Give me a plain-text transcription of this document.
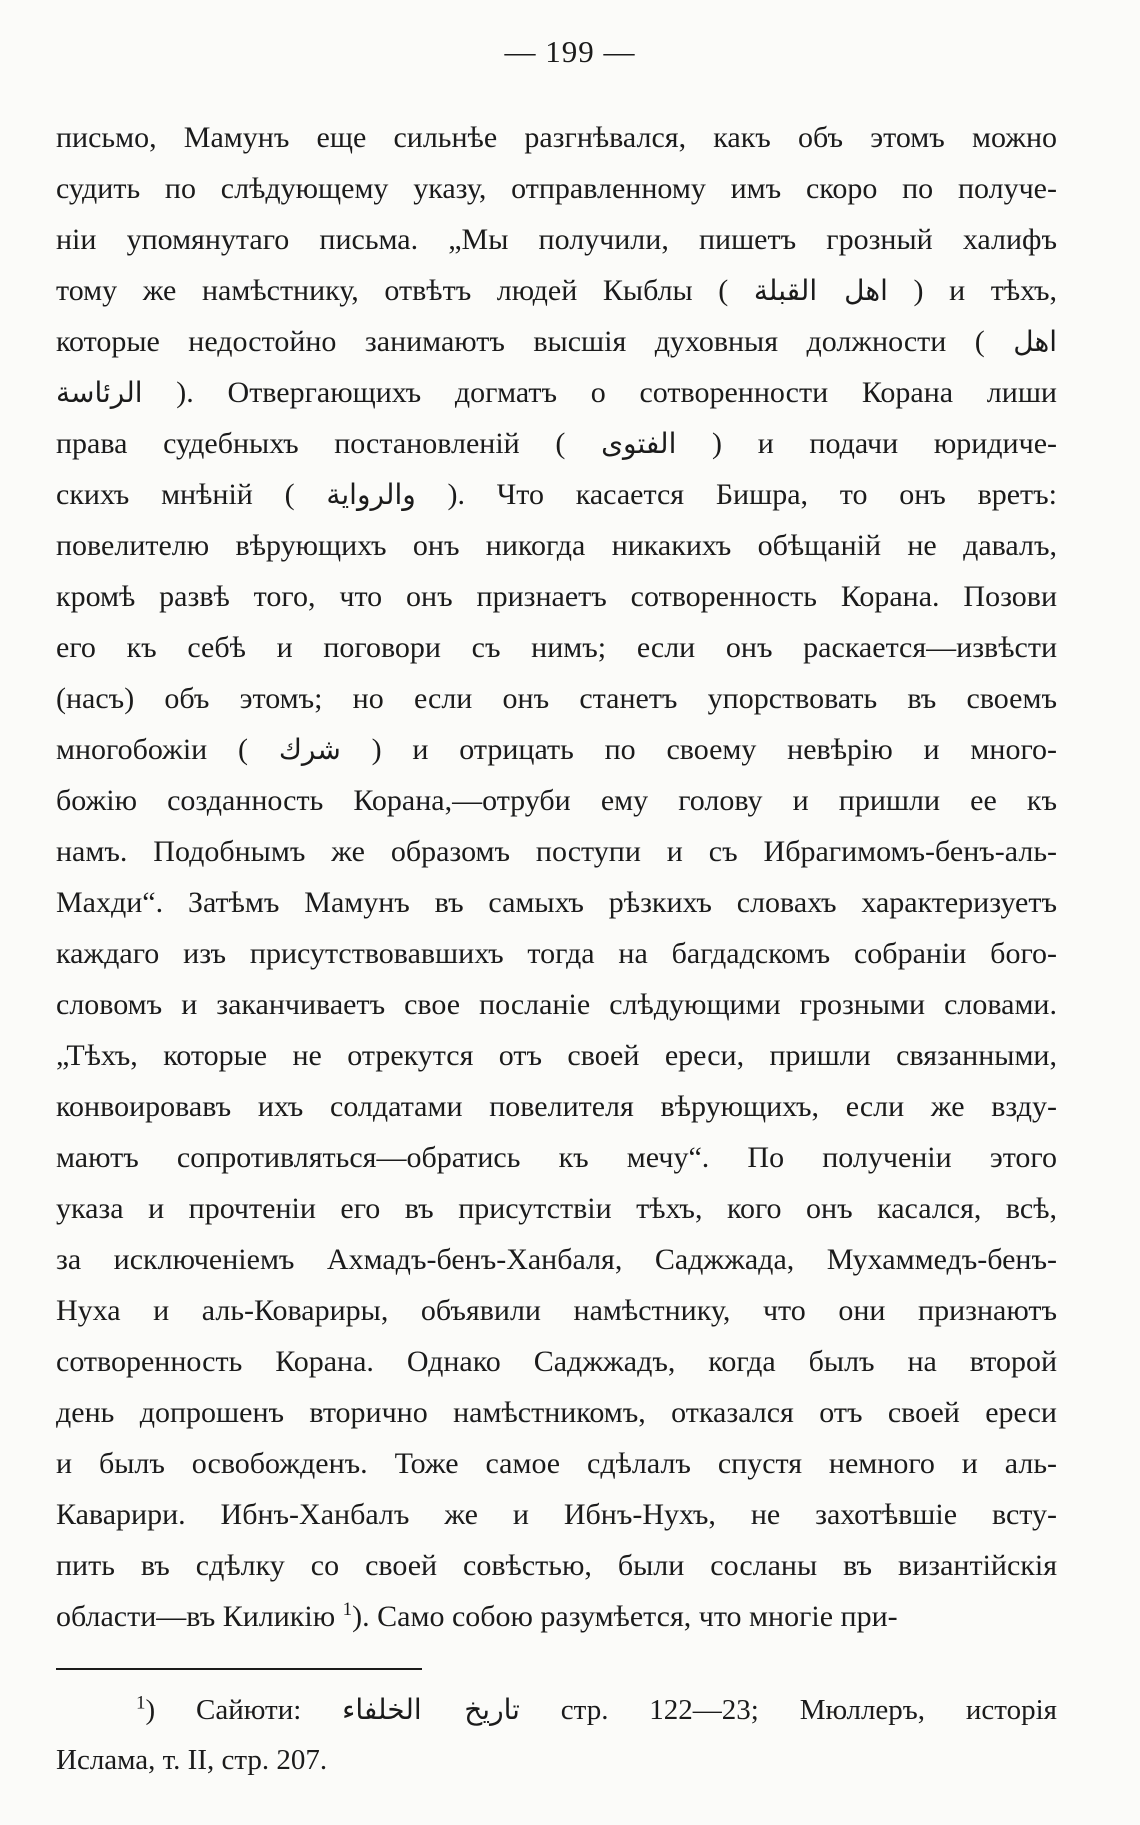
— 199 —
письмо, Мамунъ еще сильнѣе разгнѣвался, какъ объ этомъ можно
судить по слѣдующему указу, отправленному имъ скоро по получе-
ніи упомянутаго письма. „Мы получили, пишетъ грозный халифъ
тому же намѣстнику, отвѣтъ людей Кыблы ( اهل القبلة ) и тѣхъ,
которые недостойно занимаютъ высшія духовныя должности ( اهل
الرئاسة ). Отвергающихъ догматъ о сотворенности Корана лиши
права судебныхъ постановленій ( الفتوى ) и подачи юридиче-
скихъ мнѣній ( والرواية ). Что касается Бишра, то онъ вретъ:
повелителю вѣрующихъ онъ никогда никакихъ обѣщаній не давалъ,
кромѣ развѣ того, что онъ признаетъ сотворенность Корана. Позови
его къ себѣ и поговори съ нимъ; если онъ раскается—извѣсти
(насъ) объ этомъ; но если онъ станетъ упорствовать въ своемъ
многобожіи ( شرك ) и отрицать по своему невѣрію и много-
божію созданность Корана,—отруби ему голову и пришли ее къ
намъ. Подобнымъ же образомъ поступи и съ Ибрагимомъ-бенъ-аль-
Махди“. Затѣмъ Мамунъ въ самыхъ рѣзкихъ словахъ характеризуетъ
каждаго изъ присутствовавшихъ тогда на багдадскомъ собраніи бого-
словомъ и заканчиваетъ свое посланіе слѣдующими грозными словами.
„Тѣхъ, которые не отрекутся отъ своей ереси, пришли связанными,
конвоировавъ ихъ солдатами повелителя вѣрующихъ, если же взду-
маютъ сопротивляться—обратись къ мечу“. По полученіи этого
указа и прочтеніи его въ присутствіи тѣхъ, кого онъ касался, всѣ,
за исключеніемъ Ахмадъ-бенъ-Ханбаля, Саджжада, Мухаммедъ-бенъ-
Нуха и аль-Ковариры, объявили намѣстнику, что они признаютъ
сотворенность Корана. Однако Саджжадъ, когда былъ на второй
день допрошенъ вторично намѣстникомъ, отказался отъ своей ереси
и былъ освобожденъ. Тоже самое сдѣлалъ спустя немного и аль-
Каварири. Ибнъ-Ханбалъ же и Ибнъ-Нухъ, не захотѣвшіе всту-
пить въ сдѣлку со своей совѣстью, были сосланы въ византійскія
области—въ Киликію $^1$). Само собою разумѣется, что многіе при-
$^1$) Сайюти: تاريخ الخلفاء стр. 122—23; Мюллеръ, исторія
Ислама, т. II, стр. 207.
